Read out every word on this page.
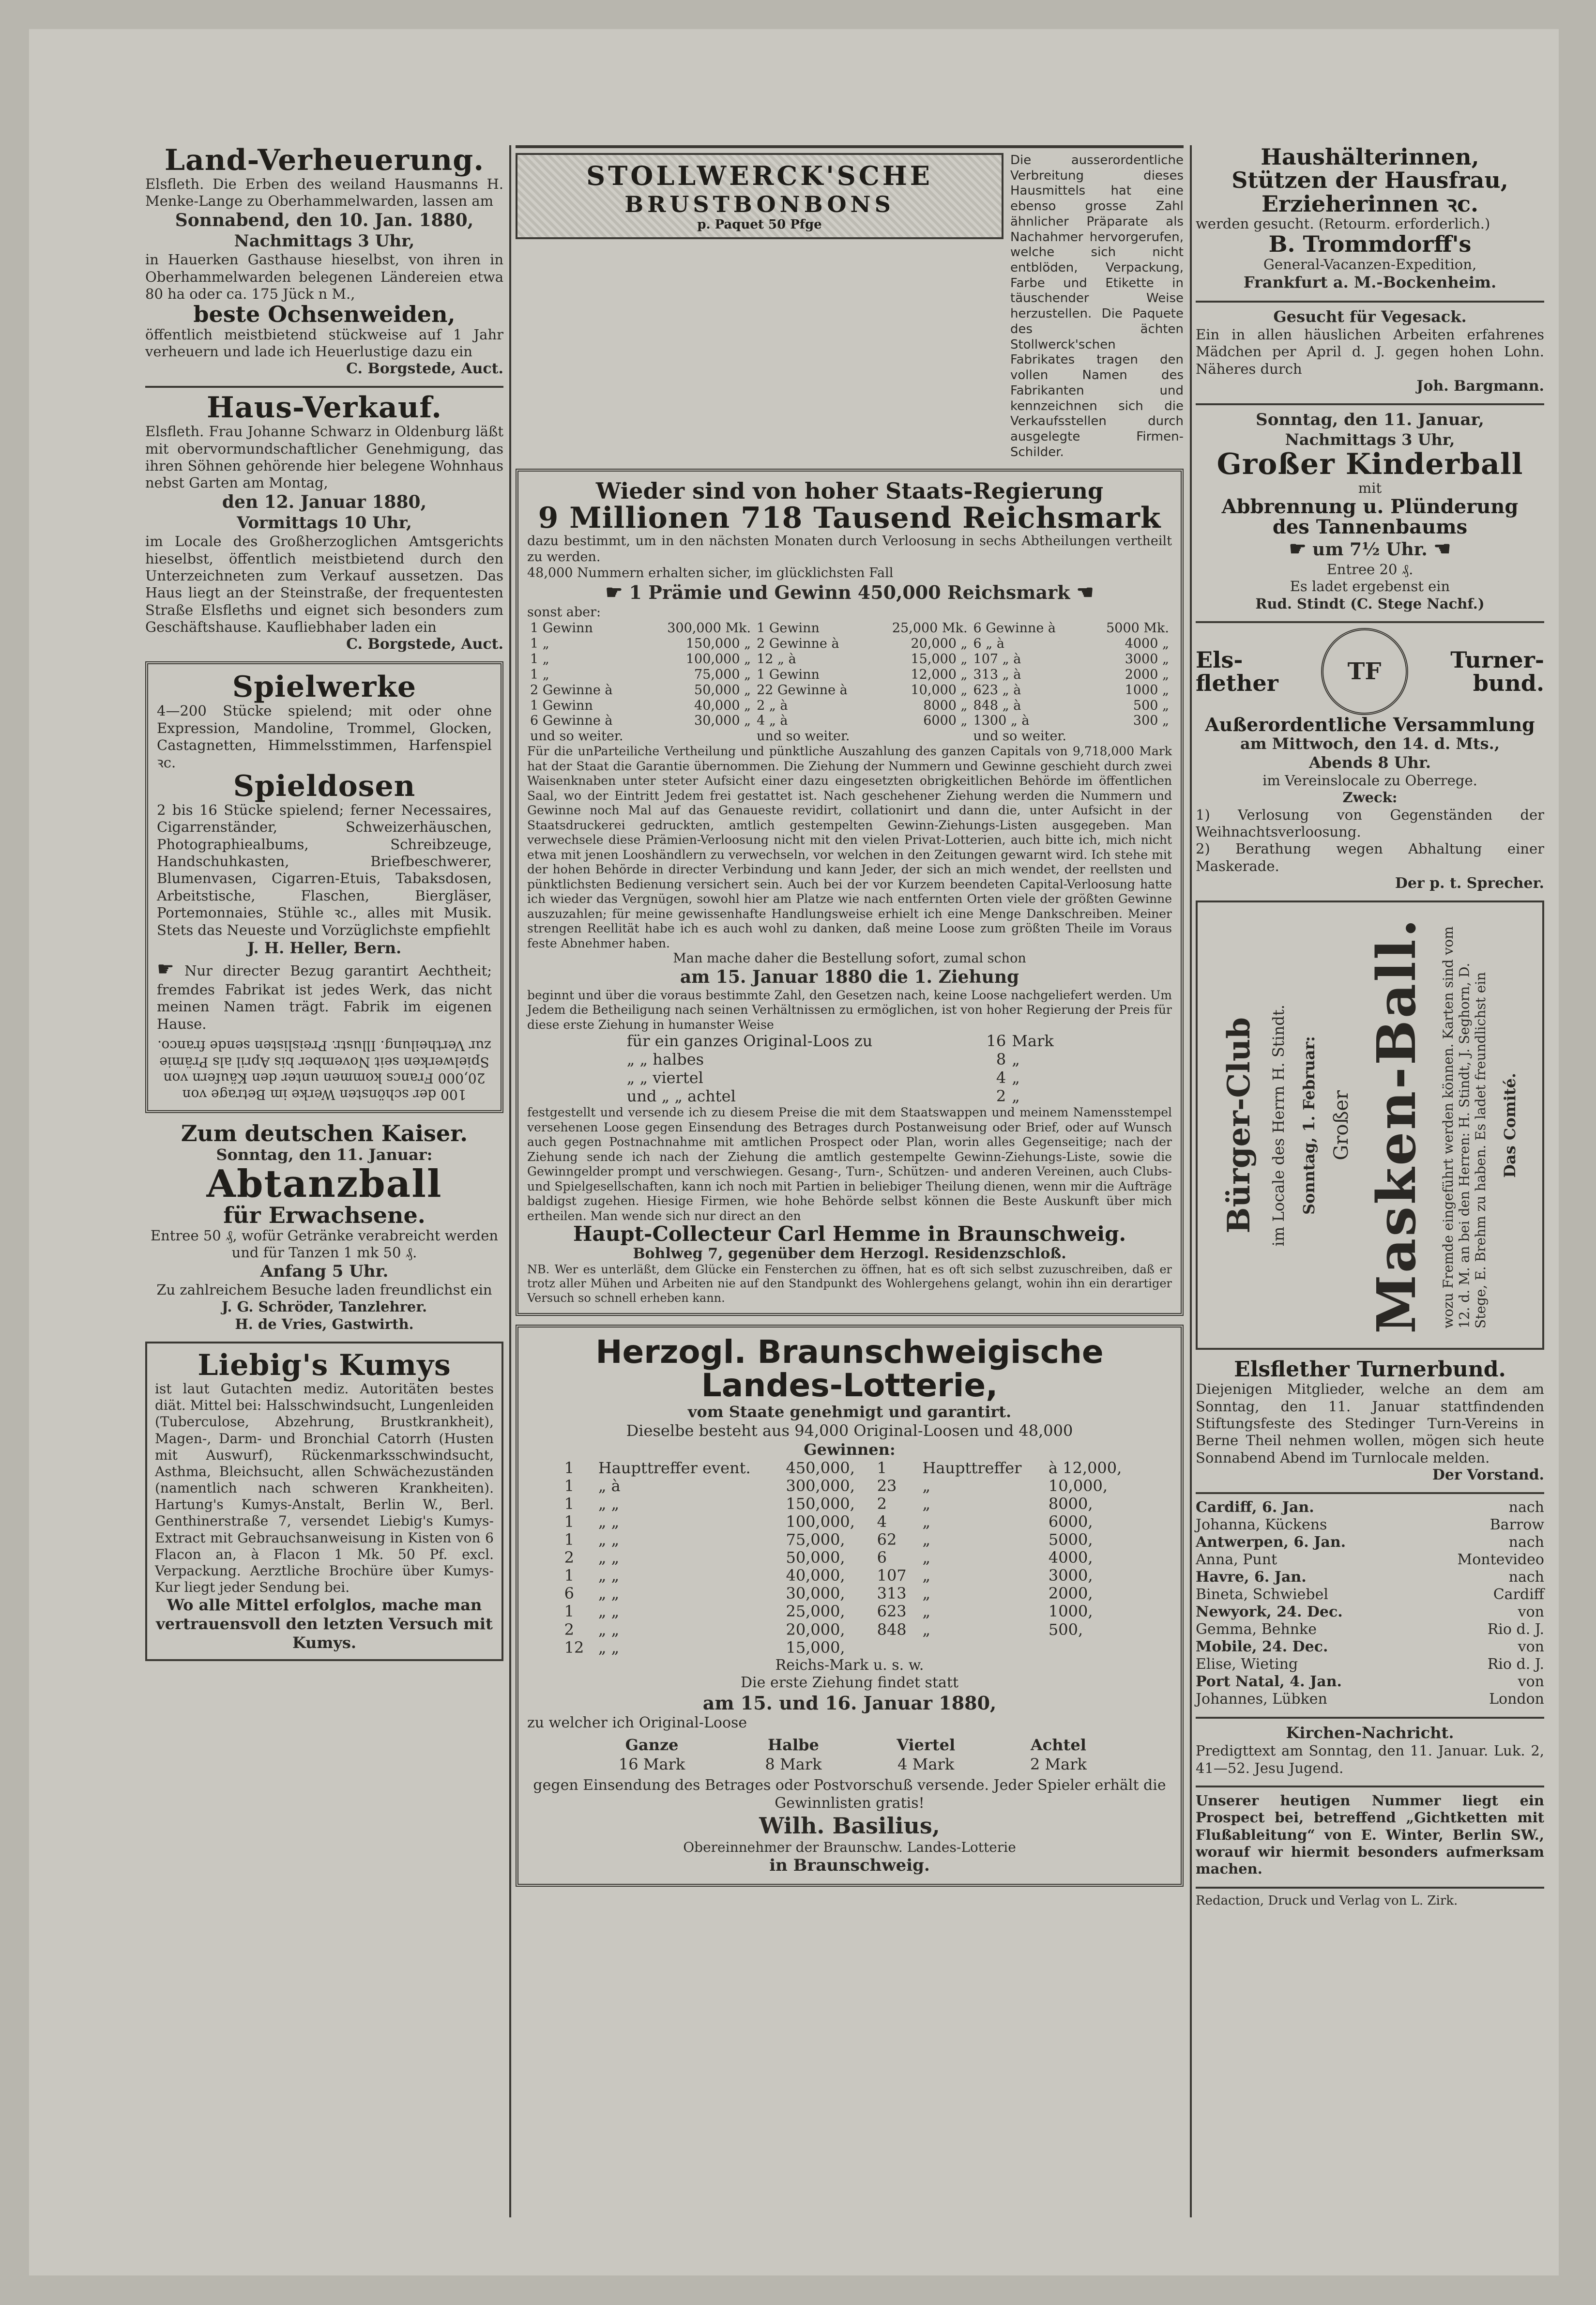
Land-Verheuerung.
Elsfleth. Die Erben des weiland Hausmanns H. Menke-Lange zu Oberhammelwarden, lassen am
Sonnabend, den 10. Jan. 1880,
Nachmittags 3 Uhr,
in Hauerken Gasthause hieselbst, von ihren in Oberhammelwarden belegenen Ländereien etwa 80 ha oder ca. 175 Jück n M.,
beste Ochsenweiden,
öffentlich meistbietend stückweise auf 1 Jahr verheuern und lade ich Heuerlustige dazu ein
C. Borgstede, Auct.
Haus-Verkauf.
Elsfleth. Frau Johanne Schwarz in Oldenburg läßt mit obervormundschaftlicher Genehmigung, das ihren Söhnen gehörende hier belegene Wohnhaus nebst Garten am Montag,
den 12. Januar 1880,
Vormittags 10 Uhr,
im Locale des Großherzoglichen Amtsgerichts hieselbst, öffentlich meistbietend durch den Unterzeichneten zum Verkauf aussetzen. Das Haus liegt an der Steinstraße, der frequentesten Straße Elsfleths und eignet sich besonders zum Geschäftshause. Kaufliebhaber laden ein
C. Borgstede, Auct.
Spielwerke
4—200 Stücke spielend; mit oder ohne Expression, Mandoline, Trommel, Glocken, Castagnetten, Himmelsstimmen, Harfenspiel ꝛc.
Spieldosen
2 bis 16 Stücke spielend; ferner Necessaires, Cigarrenständer, Schweizerhäuschen, Photographiealbums, Schreibzeuge, Handschuhkasten, Briefbeschwerer, Blumenvasen, Cigarren-Etuis, Tabaksdosen, Arbeitstische, Flaschen, Biergläser, Portemonnaies, Stühle ꝛc., alles mit Musik. Stets das Neueste und Vorzüglichste empfiehlt
J. H. Heller, Bern.
☛ Nur directer Bezug garantirt Aechtheit; fremdes Fabrikat ist jedes Werk, das nicht meinen Namen trägt. Fabrik im eigenen Hause.
100 der schönsten Werke im Betrage von 20,000 Francs kommen unter den Käufern von Spielwerken seit November bis April als Prämie zur Vertheilung. Illustr. Preislisten sende franco.
Zum deutschen Kaiser.
Sonntag, den 11. Januar:
Abtanzball
für Erwachsene.
Entree 50 ₰, wofür Getränke verabreicht werden und für Tanzen 1 mk 50 ₰.
Anfang 5 Uhr.
Zu zahlreichem Besuche laden freundlichst ein
J. G. Schröder, Tanzlehrer.
H. de Vries, Gastwirth.
Liebig's Kumys
ist laut Gutachten mediz. Autoritäten bestes diät. Mittel bei: Halsschwindsucht, Lungenleiden (Tuberculose, Abzehrung, Brustkrankheit), Magen-, Darm- und Bronchial Catorrh (Husten mit Auswurf), Rückenmarksschwindsucht, Asthma, Bleichsucht, allen Schwächezuständen (namentlich nach schweren Krankheiten). Hartung's Kumys-Anstalt, Berlin W., Berl. Genthinerstraße 7, versendet Liebig's Kumys-Extract mit Gebrauchsanweisung in Kisten von 6 Flacon an, à Flacon 1 Mk. 50 Pf. excl. Verpackung. Aerztliche Brochüre über Kumys-Kur liegt jeder Sendung bei.
Wo alle Mittel erfolglos, mache man vertrauensvoll den letzten Versuch mit Kumys.
STOLLWERCK'SCHE
BRUSTBONBONS
p. Paquet 50 Pfge
Die ausserordentliche Verbreitung dieses Hausmittels hat eine ebenso grosse Zahl ähnlicher Präparate als Nachahmer hervorgerufen, welche sich nicht entblöden, Verpackung, Farbe und Etikette in täuschender Weise herzustellen. Die Paquete des ächten Stollwerck'schen Fabrikates tragen den vollen Namen des Fabrikanten und kennzeichnen sich die Verkaufsstellen durch ausgelegte Firmen-Schilder.
Wieder sind von hoher Staats-Regierung
9 Millionen 718 Tausend Reichsmark
dazu bestimmt, um in den nächsten Monaten durch Verloosung in sechs Abtheilungen vertheilt zu werden.
48,000 Nummern erhalten sicher, im glücklichsten Fall
☛ 1 Prämie und Gewinn 450,000 Reichsmark ☚
sonst aber:
1 Gewinn	300,000 Mk.	1 Gewinn	25,000 Mk.	6 Gewinne à	5000 Mk.
1 „	150,000 „	2 Gewinne à	20,000 „	6 „ à	4000 „
1 „	100,000 „	12 „ à	15,000 „	107 „ à	3000 „
1 „	75,000 „	1 Gewinn	12,000 „	313 „ à	2000 „
2 Gewinne à	50,000 „	22 Gewinne à	10,000 „	623 „ à	1000 „
1 Gewinn	40,000 „	2 „ à	8000 „	848 „ à	500 „
6 Gewinne à	30,000 „	4 „ à	6000 „	1300 „ à	300 „
und so weiter.		und so weiter.		und so weiter.	
Für die unParteiliche Vertheilung und pünktliche Auszahlung des ganzen Capitals von 9,718,000 Mark hat der Staat die Garantie übernommen. Die Ziehung der Nummern und Gewinne geschieht durch zwei Waisenknaben unter steter Aufsicht einer dazu eingesetzten obrigkeitlichen Behörde im öffentlichen Saal, wo der Eintritt Jedem frei gestattet ist. Nach geschehener Ziehung werden die Nummern und Gewinne noch Mal auf das Genaueste revidirt, collationirt und dann die, unter Aufsicht in der Staatsdruckerei gedruckten, amtlich gestempelten Gewinn-Ziehungs-Listen ausgegeben. Man verwechsele diese Prämien-Verloosung nicht mit den vielen Privat-Lotterien, auch bitte ich, mich nicht etwa mit jenen Looshändlern zu verwechseln, vor welchen in den Zeitungen gewarnt wird. Ich stehe mit der hohen Behörde in directer Verbindung und kann Jeder, der sich an mich wendet, der reellsten und pünktlichsten Bedienung versichert sein. Auch bei der vor Kurzem beendeten Capital-Verloosung hatte ich wieder das Vergnügen, sowohl hier am Platze wie nach entfernten Orten viele der größten Gewinne auszuzahlen; für meine gewissenhafte Handlungsweise erhielt ich eine Menge Dankschreiben. Meiner strengen Reellität habe ich es auch wohl zu danken, daß meine Loose zum größten Theile im Voraus feste Abnehmer haben.
Man mache daher die Bestellung sofort, zumal schon
am 15. Januar 1880 die 1. Ziehung
beginnt und über die voraus bestimmte Zahl, den Gesetzen nach, keine Loose nachgeliefert werden. Um Jedem die Betheiligung nach seinen Verhältnissen zu ermöglichen, ist von hoher Regierung der Preis für diese erste Ziehung in humanster Weise
für ein ganzes Original-Loos zu	16	Mark
„ „ halbes	8	„
„ „ viertel	4	„
und „ „ achtel	2	„
festgestellt und versende ich zu diesem Preise die mit dem Staatswappen und meinem Namensstempel versehenen Loose gegen Einsendung des Betrages durch Postanweisung oder Brief, oder auf Wunsch auch gegen Postnachnahme mit amtlichen Prospect oder Plan, worin alles Gegenseitige; nach der Ziehung sende ich nach der Ziehung die amtlich gestempelte Gewinn-Ziehungs-Liste, sowie die Gewinngelder prompt und verschwiegen. Gesang-, Turn-, Schützen- und anderen Vereinen, auch Clubs- und Spielgesellschaften, kann ich noch mit Partien in beliebiger Theilung dienen, wenn mir die Aufträge baldigst zugehen. Hiesige Firmen, wie hohe Behörde selbst können die Beste Auskunft über mich ertheilen. Man wende sich nur direct an den
Haupt-Collecteur Carl Hemme in Braunschweig.
Bohlweg 7, gegenüber dem Herzogl. Residenzschloß.
NB. Wer es unterläßt, dem Glücke ein Fensterchen zu öffnen, hat es oft sich selbst zuzuschreiben, daß er trotz aller Mühen und Arbeiten nie auf den Standpunkt des Wohlergehens gelangt, wohin ihn ein derartiger Versuch so schnell erheben kann.
Herzogl. Braunschweigische
Landes-Lotterie,
vom Staate genehmigt und garantirt.
Dieselbe besteht aus 94,000 Original-Loosen und 48,000
Gewinnen:
1	Haupttreffer event.	450,000,	1	Haupttreffer	à 12,000,
1	„ à	300,000,	23	„	10,000,
1	„ „	150,000,	2	„	8000,
1	„ „	100,000,	4	„	6000,
1	„ „	75,000,	62	„	5000,
2	„ „	50,000,	6	„	4000,
1	„ „	40,000,	107	„	3000,
6	„ „	30,000,	313	„	2000,
1	„ „	25,000,	623	„	1000,
2	„ „	20,000,	848	„	500,
12	„ „	15,000,			
Reichs-Mark u. s. w.
Die erste Ziehung findet statt
am 15. und 16. Januar 1880,
zu welcher ich Original-Loose
Ganze	Halbe	Viertel	Achtel
16 Mark	8 Mark	4 Mark	2 Mark
gegen Einsendung des Betrages oder Postvorschuß versende. Jeder Spieler erhält die Gewinnlisten gratis!
Wilh. Basilius,
Obereinnehmer der Braunschw. Landes-Lotterie
in Braunschweig.
Haushälterinnen,
Stützen der Hausfrau,
Erzieherinnen ꝛc.
werden gesucht. (Retourm. erforderlich.)
B. Trommdorff's
General-Vacanzen-Expedition,
Frankfurt a. M.-Bockenheim.
Gesucht für Vegesack.
Ein in allen häuslichen Arbeiten erfahrenes Mädchen per April d. J. gegen hohen Lohn. Näheres durch
Joh. Bargmann.
Sonntag, den 11. Januar,
Nachmittags 3 Uhr,
Großer Kinderball
mit
Abbrennung u. Plünderung
des Tannenbaums
☛ um 7½ Uhr. ☚
Entree 20 ₰.
Es ladet ergebenst ein
Rud. Stindt (C. Stege Nachf.)
Els-
flether	TF	Turner-
bund.
Außerordentliche Versammlung
am Mittwoch, den 14. d. Mts.,
Abends 8 Uhr.
im Vereinslocale zu Oberrege.
Zweck:
1) Verlosung von Gegenständen der Weihnachtsverloosung.
2) Berathung wegen Abhaltung einer Maskerade.
Der p. t. Sprecher.
Bürger-Club im Locale des Herrn H. Stindt. Sonntag, 1. Februar: Großer Masken-Ball. wozu Fremde eingeführt werden können. Karten sind vom 12. d. M. an bei den Herren: H. Stindt, J. Seghorn, D. Stege, E. Brehm zu haben. Es ladet freundlichst ein Das Comité.
Elsflether Turnerbund.
Diejenigen Mitglieder, welche an dem am Sonntag, den 11. Januar stattfindenden Stiftungsfeste des Stedinger Turn-Vereins in Berne Theil nehmen wollen, mögen sich heute Sonnabend Abend im Turnlocale melden.
Der Vorstand.
Cardiff, 6. Jan.	nach
Johanna, Kückens	Barrow
Antwerpen, 6. Jan.	nach
Anna, Punt	Montevideo
Havre, 6. Jan.	nach
Bineta, Schwiebel	Cardiff
Newyork, 24. Dec.	von
Gemma, Behnke	Rio d. J.
Mobile, 24. Dec.	von
Elise, Wieting	Rio d. J.
Port Natal, 4. Jan.	von
Johannes, Lübken	London
Kirchen-Nachricht.
Predigttext am Sonntag, den 11. Januar. Luk. 2, 41—52. Jesu Jugend.
Unserer heutigen Nummer liegt ein Prospect bei, betreffend „Gichtketten mit Flußableitung“ von E. Winter, Berlin SW., worauf wir hiermit besonders aufmerksam machen.
Redaction, Druck und Verlag von L. Zirk.
